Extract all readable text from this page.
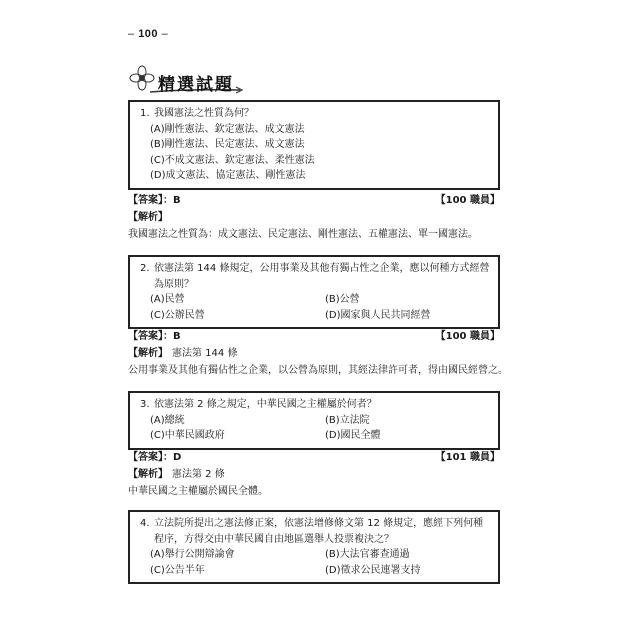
– 100 –
精選試題
1. 我國憲法之性質為何？
(A)剛性憲法、欽定憲法、成文憲法
(B)剛性憲法、民定憲法、成文憲法
(C)不成文憲法、欽定憲法、柔性憲法
(D)成文憲法、協定憲法、剛性憲法
【答案】：B	【100 職員】
【解析】
我國憲法之性質為：成文憲法、民定憲法、剛性憲法、五權憲法、單一國憲法。
2. 依憲法第 144 條規定，公用事業及其他有獨占性之企業，應以何種方式經營為原則？
(A)民營	(B)公營
(C)公辦民營	(D)國家與人民共同經營
【答案】：B	【100 職員】
【解析】 憲法第 144 條
公用事業及其他有獨佔性之企業，以公營為原則，其經法律許可者，得由國民經營之。
3. 依憲法第 2 條之規定，中華民國之主權屬於何者？
(A)總統	(B)立法院
(C)中華民國政府	(D)國民全體
【答案】：D	【101 職員】
【解析】 憲法第 2 條
中華民國之主權屬於國民全體。
4. 立法院所提出之憲法修正案，依憲法增修條文第 12 條規定，應經下列何種程序，方得交由中華民國自由地區選舉人投票複決之？
(A)舉行公開辯論會	(B)大法官審查通過
(C)公告半年	(D)徵求公民連署支持
